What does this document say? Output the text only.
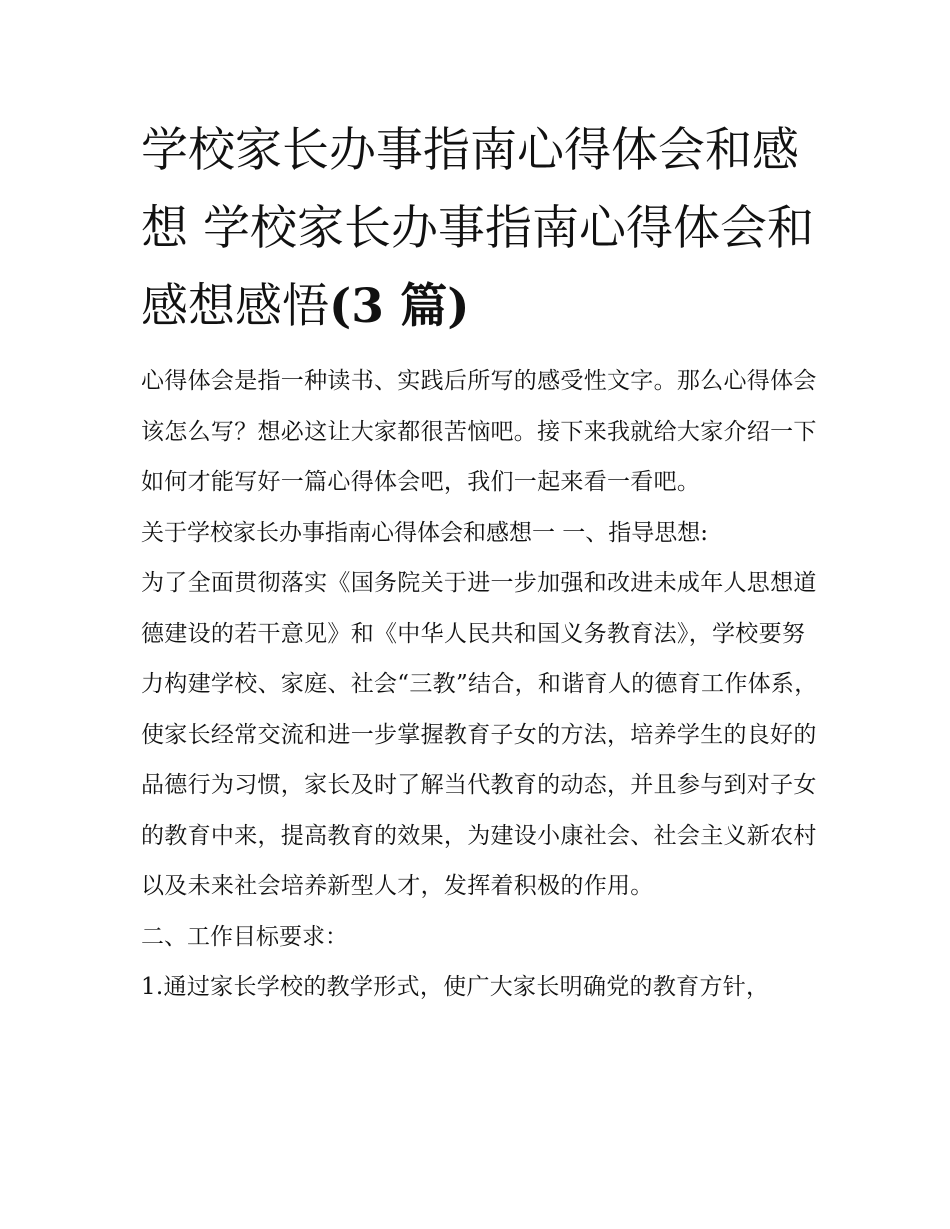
学校家长办事指南心得体会和感想 学校家长办事指南心得体会和感想感悟(3 篇)

心得体会是指一种读书、实践后所写的感受性文字。那么心得体会该怎么写？想必这让大家都很苦恼吧。接下来我就给大家介绍一下如何才能写好一篇心得体会吧，我们一起来看一看吧。

关于学校家长办事指南心得体会和感想一 一、指导思想:

为了全面贯彻落实《国务院关于进一步加强和改进未成年人思想道德建设的若干意见》和《中华人民共和国义务教育法》，学校要努力构建学校、家庭、社会“三教”结合，和谐育人的德育工作体系，使家长经常交流和进一步掌握教育子女的方法，培养学生的良好的品德行为习惯，家长及时了解当代教育的动态，并且参与到对子女的教育中来，提高教育的效果，为建设小康社会、社会主义新农村以及未来社会培养新型人才，发挥着积极的作用。

二、工作目标要求：

1.通过家长学校的教学形式，使广大家长明确党的教育方针，
